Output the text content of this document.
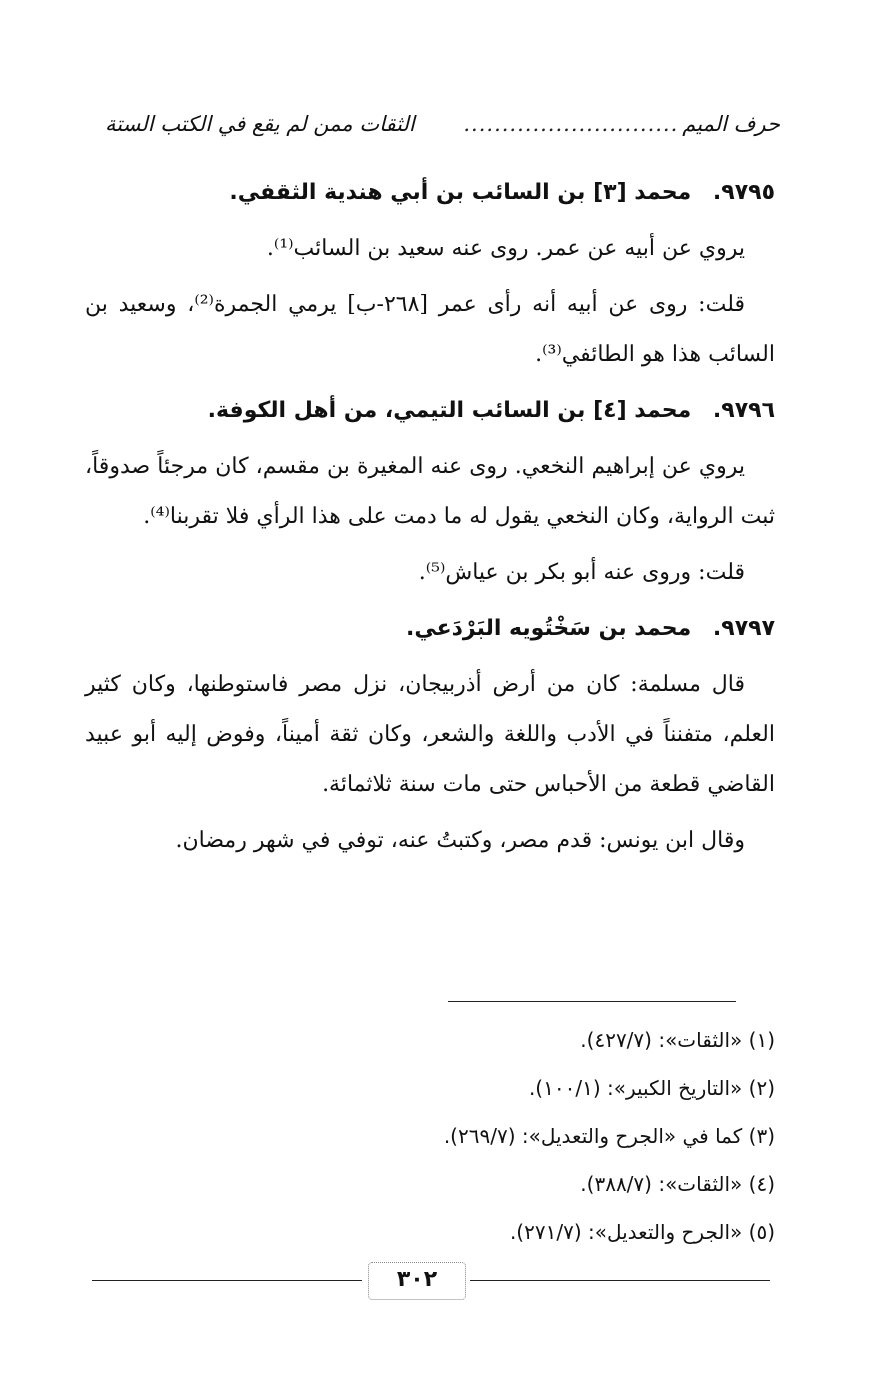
حرف الميم
............................
الثقات ممن لم يقع في الكتب الستة

٩٧٩٥. محمد [٣] بن السائب بن أبي هندية الثقفي.

يروي عن أبيه عن عمر. روى عنه سعيد بن السائب⁽¹⁾.

قلت: روى عن أبيه أنه رأى عمر [٢٦٨-ب] يرمي الجمرة⁽²⁾، وسعيد بن السائب هذا هو الطائفي⁽³⁾.

٩٧٩٦. محمد [٤] بن السائب التيمي، من أهل الكوفة.

يروي عن إبراهيم النخعي. روى عنه المغيرة بن مقسم، كان مرجئاً صدوقاً، ثبت الرواية، وكان النخعي يقول له ما دمت على هذا الرأي فلا تقربنا⁽⁴⁾.

قلت: وروى عنه أبو بكر بن عياش⁽⁵⁾.

٩٧٩٧. محمد بن سَخْتُويه البَرْدَعي.

قال مسلمة: كان من أرض أذربيجان، نزل مصر فاستوطنها، وكان كثير العلم، متفنناً في الأدب واللغة والشعر، وكان ثقة أميناً، وفوض إليه أبو عبيد القاضي قطعة من الأحباس حتى مات سنة ثلاثمائة.

وقال ابن يونس: قدم مصر، وكتبتُ عنه، توفي في شهر رمضان.

(١) «الثقات»: (٤٢٧/٧).

(٢) «التاريخ الكبير»: (١٠٠/١).

(٣) كما في «الجرح والتعديل»: (٢٦٩/٧).

(٤) «الثقات»: (٣٨٨/٧).

(٥) «الجرح والتعديل»: (٢٧١/٧).

٣٠٢
